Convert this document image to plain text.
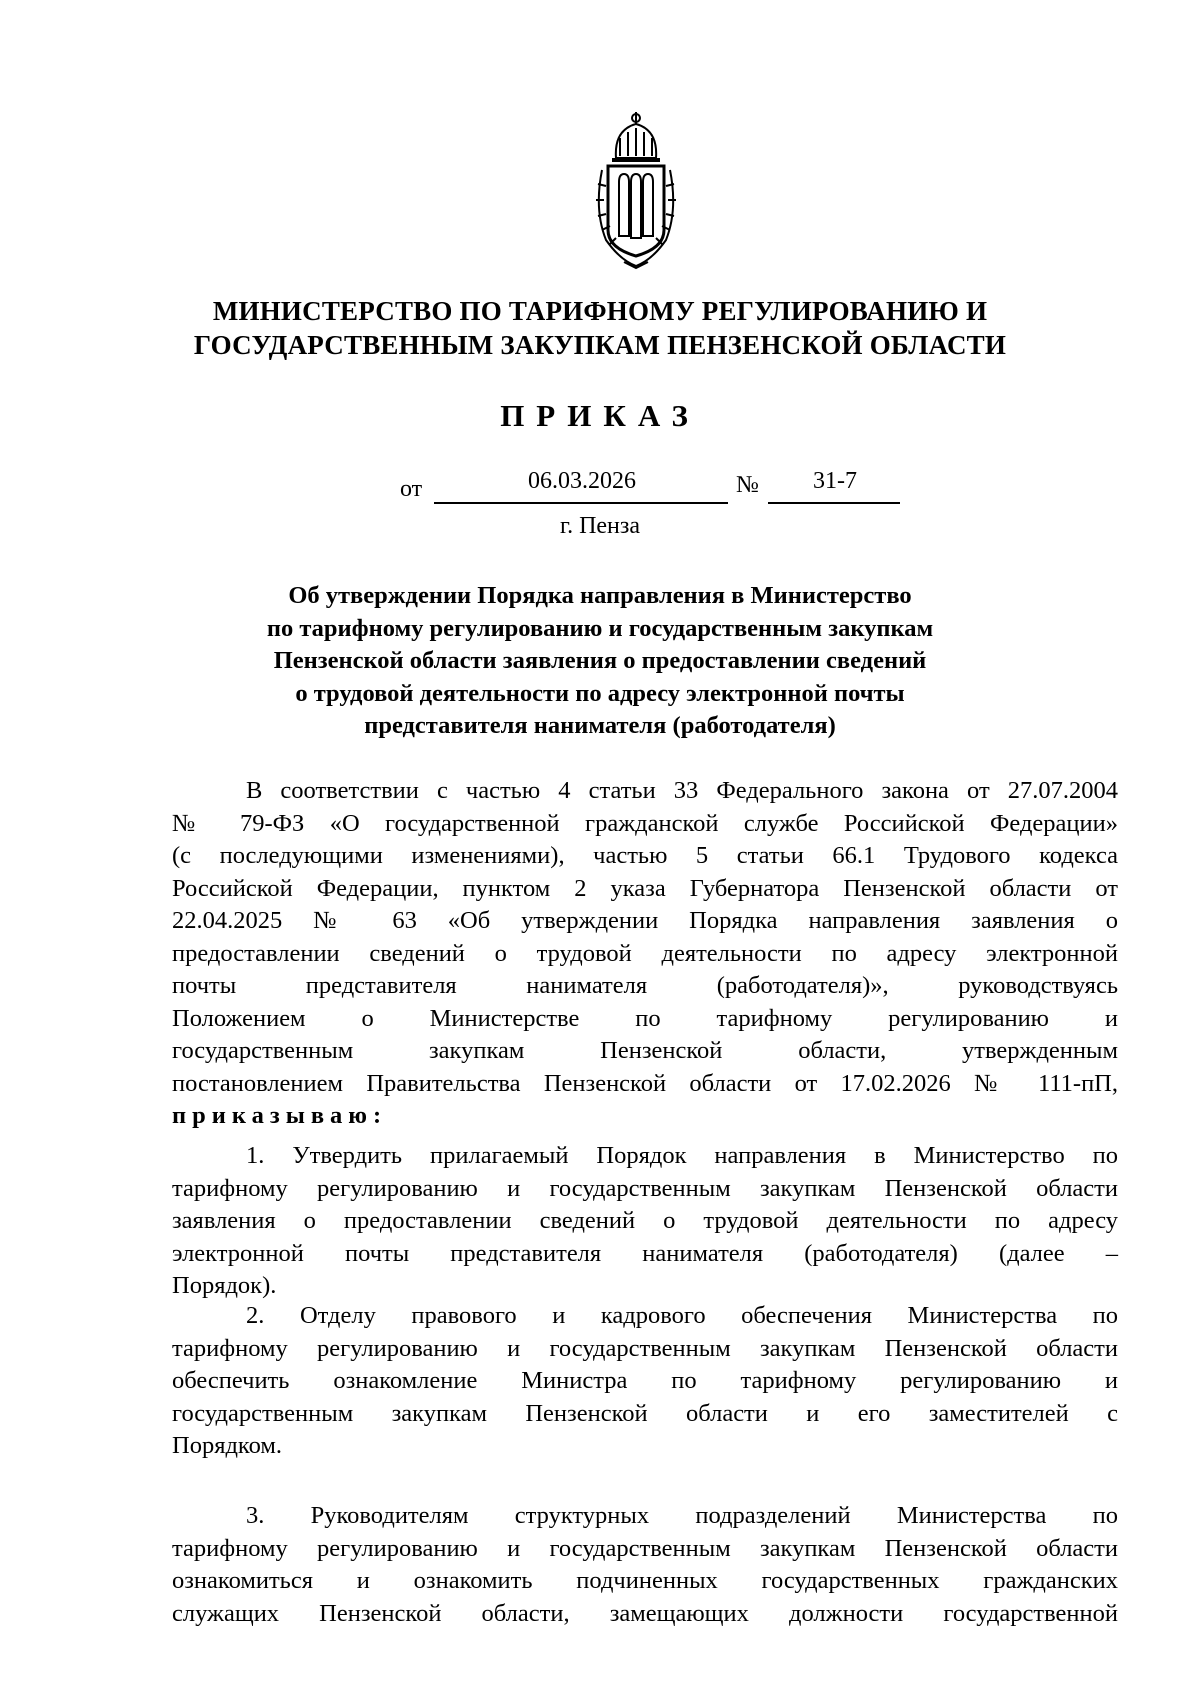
МИНИСТЕРСТВО ПО ТАРИФНОМУ РЕГУЛИРОВАНИЮ И
ГОСУДАРСТВЕННЫМ ЗАКУПКАМ ПЕНЗЕНСКОЙ ОБЛАСТИ
ПРИКАЗ
от	06.03.2026	№	31-7
г. Пенза
Об утверждении Порядка направления в Министерство
по тарифному регулированию и государственным закупкам
Пензенской области заявления о предоставлении сведений
о трудовой деятельности по адресу электронной почты
представителя нанимателя (работодателя)
В соответствии с частью 4 статьи 33 Федерального закона от 27.07.2004
№ 79-ФЗ «О государственной гражданской службе Российской Федерации»
(с последующими изменениями), частью 5 статьи 66.1 Трудового кодекса
Российской Федерации, пунктом 2 указа Губернатора Пензенской области от
22.04.2025 № 63 «Об утверждении Порядка направления заявления о
предоставлении сведений о трудовой деятельности по адресу электронной
почты представителя нанимателя (работодателя)», руководствуясь
Положением о Министерстве по тарифному регулированию и
государственным закупкам Пензенской области, утвержденным
постановлением Правительства Пензенской области от 17.02.2026 № 111-пП,
приказываю:
1. Утвердить прилагаемый Порядок направления в Министерство по
тарифному регулированию и государственным закупкам Пензенской области
заявления о предоставлении сведений о трудовой деятельности по адресу
электронной почты представителя нанимателя (работодателя) (далее –
Порядок).
2. Отделу правового и кадрового обеспечения Министерства по
тарифному регулированию и государственным закупкам Пензенской области
обеспечить ознакомление Министра по тарифному регулированию и
государственным закупкам Пензенской области и его заместителей с
Порядком.
3. Руководителям структурных подразделений Министерства по
тарифному регулированию и государственным закупкам Пензенской области
ознакомиться и ознакомить подчиненных государственных гражданских
служащих Пензенской области, замещающих должности государственной
